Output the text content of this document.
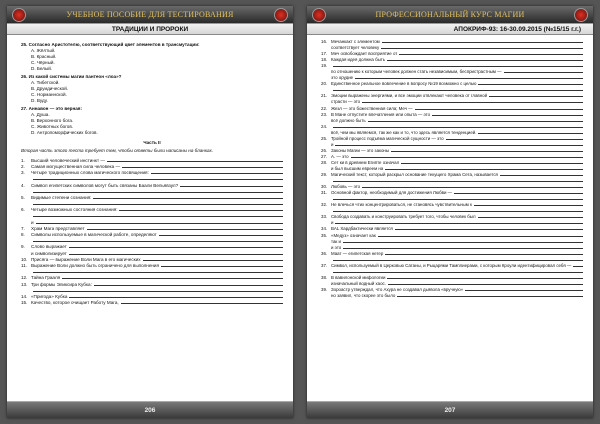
УЧЕБНОЕ ПОСОБИЕ ДЛЯ ТЕСТИРОВАНИЯ
ТРАДИЦИИ И ПРОРОКИ
25. Согласно Аристотелю, соответствующий цвет элементов в трансмутации:
А. Жёлтый.
B. Красный.
C. Чёрный.
D. Белый.
26. Из какой системы магии пантеон «лоа»?
А. Тибетской.
B. Друидической.
C. Норманнской.
D. Вуду.
27. Аннавон — это верная:
А. Душа.
B. Верхонного бога.
C. Животных богов.
D. Антропоморфических богов.
Часть II
Вторая часть этого теста требует тем, чтобы ответы были написаны на бланках.
1.	Высший человеческий инстинкт —
2.	Самая могущественная сила человека —
3.	Четыре традиционных слова магического посвящения:
4.	Символ египетских символов могут быть связаны Баали Вельявзул?
5.	Видимые степени сознания:
6.	Четыре возможных состояния сознания:
и
7.	Храм Мага представляет
8.	Символы используемые в магической работе, определяют
9.	Слово выражает
и символизирует
10. Присяга — выражение Воли Мага в его магических
11. Выражение Воли должно быть ограничено для выполнения
12. Тайна Грааля
13. Три формы Эликсира Кубка:
14. «Пригода» Кубка
15. Качество, которое очищает Работу Мага,
206
ПРОФЕССИОНАЛЬНЫЙ КУРС МАГИИ
АПОКРИФ-93: 16-30.09.2015 (№15/15 г.г.)
16. Мечанкакт с элементом
соответствует человеку
17. Меч освобождает восприятие от
18. Каждая идея должна быть
19.
по отношению к которым человек должен стать независимым, беспристрастным —
это орудие
20. Единственное реальное вовлечение в вопросу №19 возможно с целью
21. Эмоции выражены энергиями, и все эмоции отвлекают человека от главной
страсти — это
22. Жезл — это божественная сила; Меч —
23. В Мане отпустите впечатления или опыта — это
всё должно быть
24.
всё, чем мы являемся, так же как и то, что здесь является тенденцией.
25. Тройной процесс подъёма магической сущности — это
и
26. Законы Магии — это законы
27. А. — это
28. Сет ки в древнем Египте означал
и был высшим евреем на
29. Магический текст, который раскрыл основание текущего Храма Сета, называется
30. Любовь — это
31. Основной фактор, необходимый для достижения Любви —
32. Не влечься чтих концентрироваться, не становясь чувствительным к
33. Свобода создавать и конструировать требует того, чтобы человек был
и
34. BAL Хардбактически является
35. «Медуз» означает как
так и
и это
36. Маат — египетская нетер
37. Символ, используемый в Церковью Сатаны, и Рыцарями Тамплиерами, с которым Кроули идентифицировал себя —
38. В вавилонской мифологии
изначальный водный хаос.
39. Зороастр утверждал, что Ахура не создавал дьявола «вручную»
но заявил, что скорее это было
207
